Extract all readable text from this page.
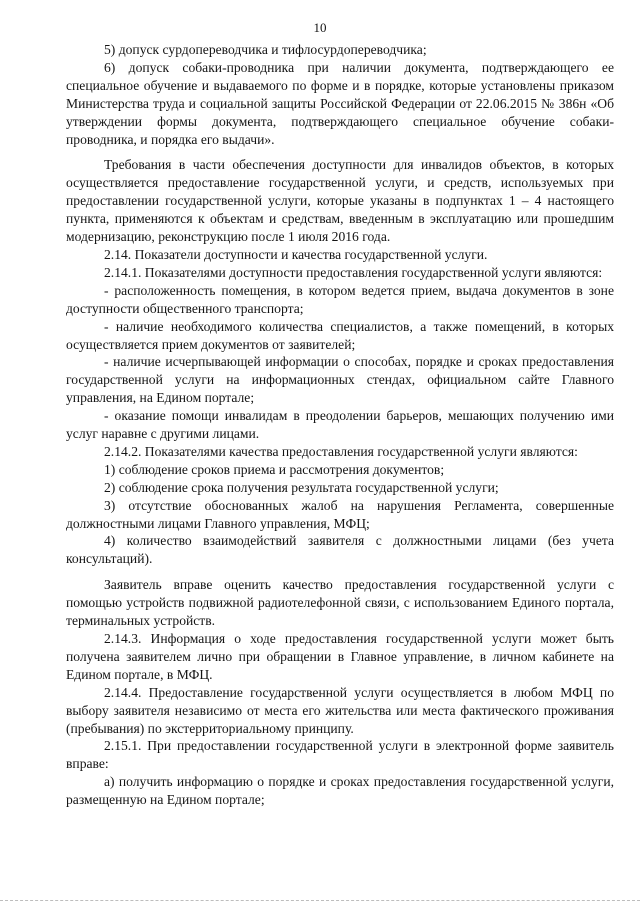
10

5) допуск сурдопереводчика и тифлосурдопереводчика;

6) допуск собаки-проводника при наличии документа, подтверждающего ее специальное обучение и выдаваемого по форме и в порядке, которые установлены приказом Министерства труда и социальной защиты Российской Федерации от 22.06.2015 № 386н «Об утверждении формы документа, подтверждающего специальное обучение собаки-проводника, и порядка его выдачи».

Требования в части обеспечения доступности для инвалидов объектов, в которых осуществляется предоставление государственной услуги, и средств, используемых при предоставлении государственной услуги, которые указаны в подпунктах 1 – 4 настоящего пункта, применяются к объектам и средствам, введенным в эксплуатацию или прошедшим модернизацию, реконструкцию после 1 июля 2016 года.

2.14. Показатели доступности и качества государственной услуги.

2.14.1. Показателями доступности предоставления государственной услуги являются:

- расположенность помещения, в котором ведется прием, выдача документов в зоне доступности общественного транспорта;

- наличие необходимого количества специалистов, а также помещений, в которых осуществляется прием документов от заявителей;

- наличие исчерпывающей информации о способах, порядке и сроках предоставления государственной услуги на информационных стендах, официальном сайте Главного управления, на Едином портале;

- оказание помощи инвалидам в преодолении барьеров, мешающих получению ими услуг наравне с другими лицами.

2.14.2. Показателями качества предоставления государственной услуги являются:

1) соблюдение сроков приема и рассмотрения документов;

2) соблюдение срока получения результата государственной услуги;

3) отсутствие обоснованных жалоб на нарушения Регламента, совершенные должностными лицами Главного управления, МФЦ;

4) количество взаимодействий заявителя с должностными лицами (без учета консультаций).

Заявитель вправе оценить качество предоставления государственной услуги с помощью устройств подвижной радиотелефонной связи, с использованием Единого портала, терминальных устройств.

2.14.3. Информация о ходе предоставления государственной услуги может быть получена заявителем лично при обращении в Главное управление, в личном кабинете на Едином портале, в МФЦ.

2.14.4. Предоставление государственной услуги осуществляется в любом МФЦ по выбору заявителя независимо от места его жительства или места фактического проживания (пребывания) по экстерриториальному принципу.

2.15.1. При предоставлении государственной услуги в электронной форме заявитель вправе:

а) получить информацию о порядке и сроках предоставления государственной услуги, размещенную на Едином портале;
